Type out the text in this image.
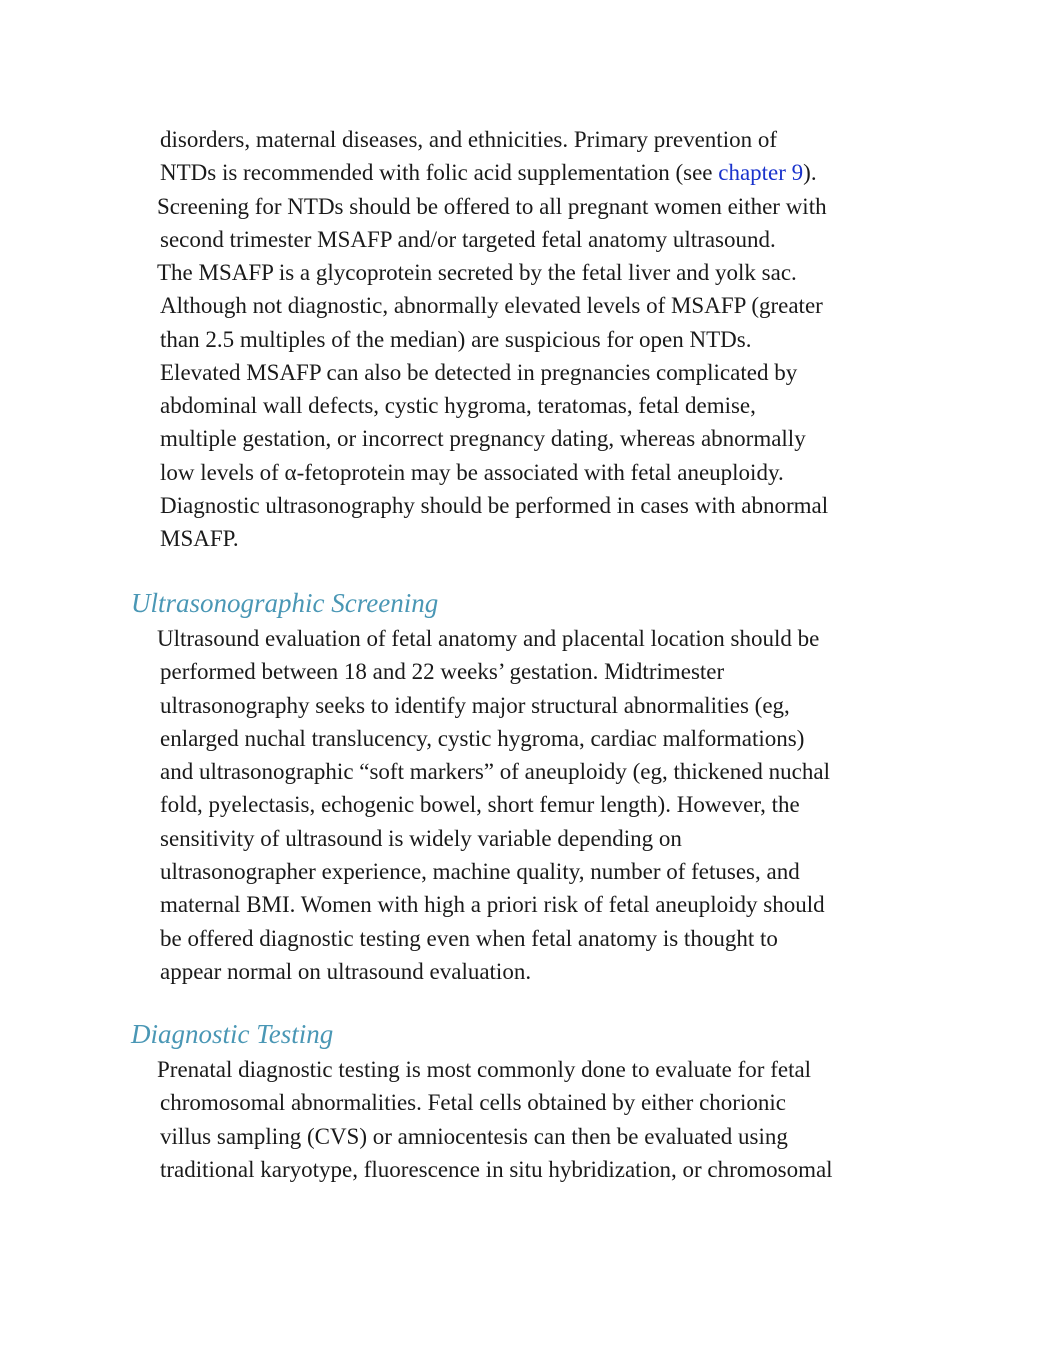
disorders, maternal diseases, and ethnicities. Primary prevention of
NTDs is recommended with folic acid supplementation (see chapter 9).

Screening for NTDs should be offered to all pregnant women either with
second trimester MSAFP and/or targeted fetal anatomy ultrasound.

The MSAFP is a glycoprotein secreted by the fetal liver and yolk sac.
Although not diagnostic, abnormally elevated levels of MSAFP (greater
than 2.5 multiples of the median) are suspicious for open NTDs.
Elevated MSAFP can also be detected in pregnancies complicated by
abdominal wall defects, cystic hygroma, teratomas, fetal demise,
multiple gestation, or incorrect pregnancy dating, whereas abnormally
low levels of α-fetoprotein may be associated with fetal aneuploidy.
Diagnostic ultrasonography should be performed in cases with abnormal
MSAFP.

Ultrasonographic Screening

Ultrasound evaluation of fetal anatomy and placental location should be
performed between 18 and 22 weeks’ gestation. Midtrimester
ultrasonography seeks to identify major structural abnormalities (eg,
enlarged nuchal translucency, cystic hygroma, cardiac malformations)
and ultrasonographic “soft markers” of aneuploidy (eg, thickened nuchal
fold, pyelectasis, echogenic bowel, short femur length). However, the
sensitivity of ultrasound is widely variable depending on
ultrasonographer experience, machine quality, number of fetuses, and
maternal BMI. Women with high a priori risk of fetal aneuploidy should
be offered diagnostic testing even when fetal anatomy is thought to
appear normal on ultrasound evaluation.

Diagnostic Testing

Prenatal diagnostic testing is most commonly done to evaluate for fetal
chromosomal abnormalities. Fetal cells obtained by either chorionic
villus sampling (CVS) or amniocentesis can then be evaluated using
traditional karyotype, fluorescence in situ hybridization, or chromosomal
